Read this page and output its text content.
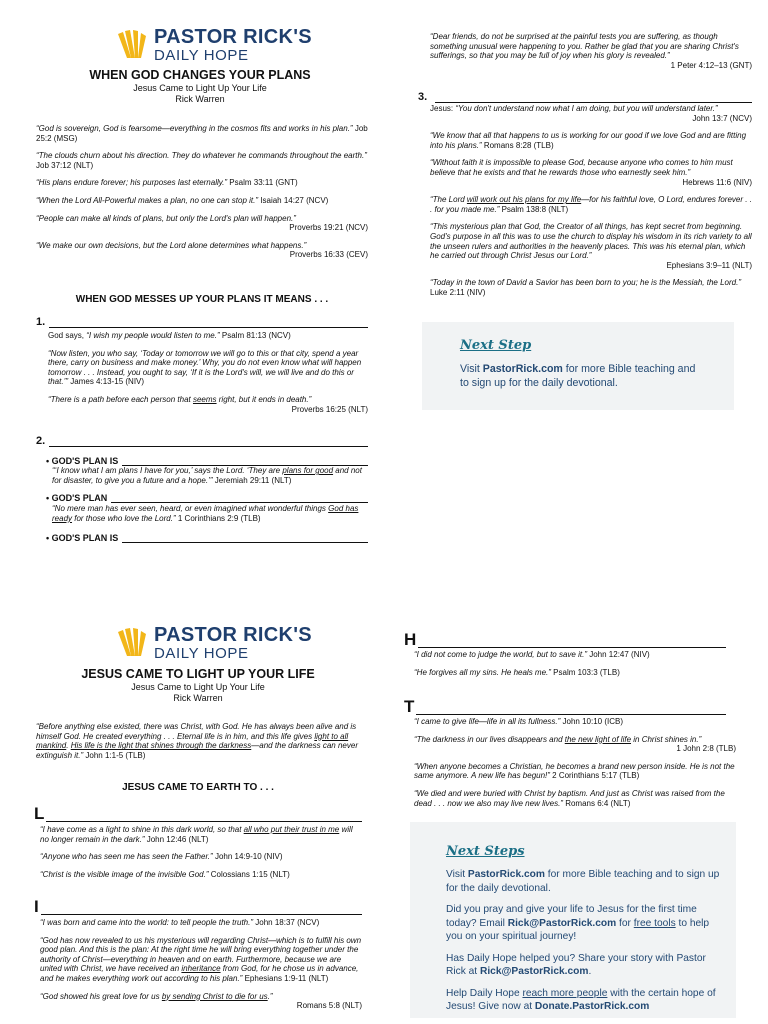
PASTOR RICK'S
DAILY HOPE
WHEN GOD CHANGES YOUR PLANS
Jesus Came to Light Up Your Life
Rick Warren

“God is sovereign, God is fearsome—everything in the cosmos fits and works in his plan.” Job 25:2 (MSG)

“The clouds churn about his direction. They do whatever he commands throughout the earth.” Job 37:12 (NLT)

“His plans endure forever; his purposes last eternally.” Psalm 33:11 (GNT)

“When the Lord All-Powerful makes a plan, no one can stop it.” Isaiah 14:27 (NCV)

“People can make all kinds of plans, but only the Lord's plan will happen.”
Proverbs 19:21 (NCV)

“We make our own decisions, but the Lord alone determines what happens.”
Proverbs 16:33 (CEV)

WHEN GOD MESSES UP YOUR PLANS IT MEANS . . .
1.

God says, “I wish my people would listen to me.” Psalm 81:13 (NCV)

“Now listen, you who say, ‘Today or tomorrow we will go to this or that city, spend a year there, carry on business and make money.’ Why, you do not even know what will happen tomorrow . . . Instead, you ought to say, ‘If it is the Lord's will, we will live and do this or that.’” James 4:13-15 (NIV)

“There is a path before each person that seems right, but it ends in death.”
Proverbs 16:25 (NLT)

2.
• GOD'S PLAN IS

“‘I know what I am plans I have for you,’ says the Lord. ‘They are plans for good and not for disaster, to give you a future and a hope.’” Jeremiah 29:11 (NLT)

• GOD'S PLAN

“No mere man has ever seen, heard, or even imagined what wonderful things God has ready for those who love the Lord.” 1 Corinthians 2:9 (TLB)

• GOD'S PLAN IS

“Dear friends, do not be surprised at the painful tests you are suffering, as though something unusual were happening to you. Rather be glad that you are sharing Christ's sufferings, so that you may be full of joy when his glory is revealed.”
1 Peter 4:12–13 (GNT)

3.

Jesus: “You don't understand now what I am doing, but you will understand later.”
John 13:7 (NCV)

“We know that all that happens to us is working for our good if we love God and are fitting into his plans.” Romans 8:28 (TLB)

“Without faith it is impossible to please God, because anyone who comes to him must believe that he exists and that he rewards those who earnestly seek him.”
Hebrews 11:6 (NIV)

“The Lord will work out his plans for my life—for his faithful love, O Lord, endures forever . . . for you made me.” Psalm 138:8 (NLT)

“This mysterious plan that God, the Creator of all things, has kept secret from beginning. God's purpose in all this was to use the church to display his wisdom in its rich variety to all the unseen rulers and authorities in the heavenly places. This was his eternal plan, which he carried out through Christ Jesus our Lord.”
Ephesians 3:9–11 (NLT)

“Today in the town of David a Savior has been born to you; he is the Messiah, the Lord.” Luke 2:11 (NIV)

Next Step
Visit PastorRick.com for more Bible teaching and
to sign up for the daily devotional.
PASTOR RICK'S
DAILY HOPE
JESUS CAME TO LIGHT UP YOUR LIFE
Jesus Came to Light Up Your Life
Rick Warren

“Before anything else existed, there was Christ, with God. He has always been alive and is himself God. He created everything . . . Eternal life is in him, and this life gives light to all mankind. His life is the light that shines through the darkness—and the darkness can never extinguish it.” John 1:1-5 (TLB)

JESUS CAME TO EARTH TO . . .
L

“I have come as a light to shine in this dark world, so that all who put their trust in me will no longer remain in the dark.” John 12:46 (NLT)

“Anyone who has seen me has seen the Father.” John 14:9-10 (NIV)

“Christ is the visible image of the invisible God.” Colossians 1:15 (NLT)

I

“I was born and came into the world: to tell people the truth.” John 18:37 (NCV)

“God has now revealed to us his mysterious will regarding Christ—which is to fulfill his own good plan. And this is the plan: At the right time he will bring everything together under the authority of Christ—everything in heaven and on earth. Furthermore, because we are united with Christ, we have received an inheritance from God, for he chose us in advance, and he makes everything work out according to his plan.” Ephesians 1:9-11 (NLT)

“God showed his great love for us by sending Christ to die for us.”
Romans 5:8 (NLT)

H

“I did not come to judge the world, but to save it.” John 12:47 (NIV)

“He forgives all my sins. He heals me.” Psalm 103:3 (TLB)

T

“I came to give life—life in all its fullness.” John 10:10 (ICB)

“The darkness in our lives disappears and the new light of life in Christ shines in.”
1 John 2:8 (TLB)

“When anyone becomes a Christian, he becomes a brand new person inside. He is not the same anymore. A new life has begun!” 2 Corinthians 5:17 (TLB)

“We died and were buried with Christ by baptism. And just as Christ was raised from the dead . . . now we also may live new lives.” Romans 6:4 (NLT)

Next Steps

Visit PastorRick.com for more Bible teaching and to sign up for the daily devotional.

Did you pray and give your life to Jesus for the first time today? Email Rick@PastorRick.com for free tools to help you on your spiritual journey!

Has Daily Hope helped you? Share your story with Pastor Rick at Rick@PastorRick.com.

Help Daily Hope reach more people with the certain hope of Jesus! Give now at Donate.PastorRick.com
